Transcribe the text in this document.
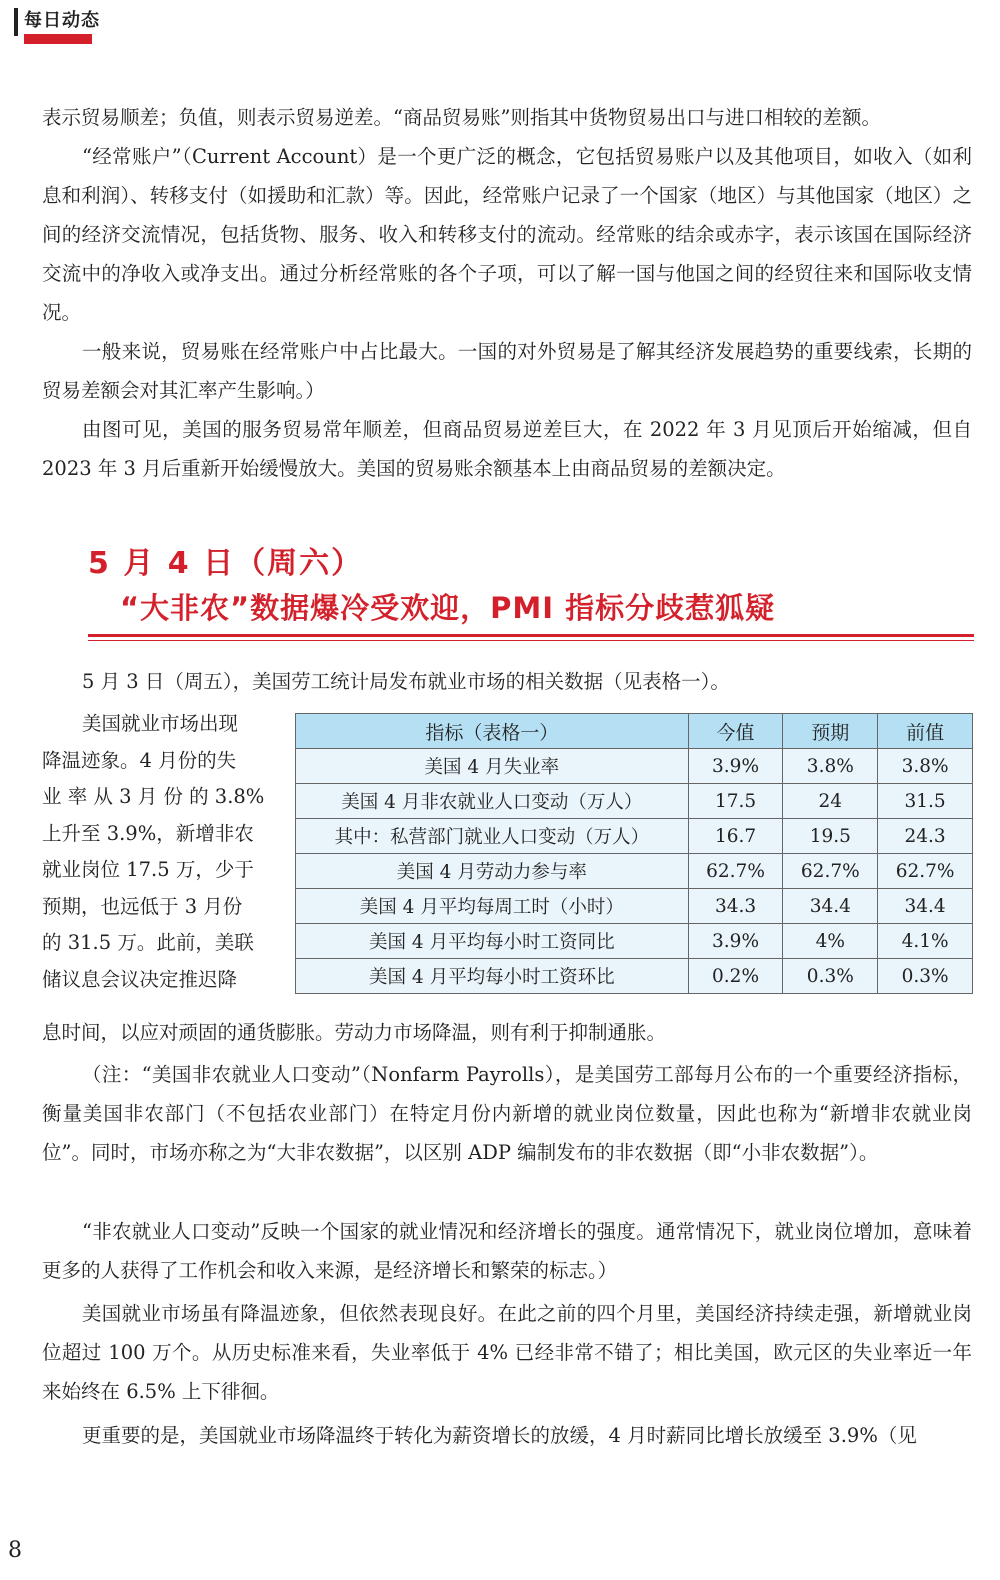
每日动态

表示贸易顺差；负值，则表示贸易逆差。“商品贸易账”则指其中货物贸易出口与进口相较的差额。

“经常账户”（Current Account）是一个更广泛的概念，它包括贸易账户以及其他项目，如收入（如利息和利润）、转移支付（如援助和汇款）等。因此，经常账户记录了一个国家（地区）与其他国家（地区）之间的经济交流情况，包括货物、服务、收入和转移支付的流动。经常账的结余或赤字，表示该国在国际经济交流中的净收入或净支出。通过分析经常账的各个子项，可以了解一国与他国之间的经贸往来和国际收支情况。

一般来说，贸易账在经常账户中占比最大。一国的对外贸易是了解其经济发展趋势的重要线索，长期的贸易差额会对其汇率产生影响。）

由图可见，美国的服务贸易常年顺差，但商品贸易逆差巨大，在 2022 年 3 月见顶后开始缩减，但自 2023 年 3 月后重新开始缓慢放大。美国的贸易账余额基本上由商品贸易的差额决定。

5 月 4 日（周六）
“大非农”数据爆冷受欢迎，PMI 指标分歧惹狐疑

5 月 3 日（周五），美国劳工统计局发布就业市场的相关数据（见表格一）。

美国就业市场出现
降温迹象。4 月份的失
业 率 从 3 月 份 的 3.8%
上升至 3.9%，新增非农
就业岗位 17.5 万，少于
预期，也远低于 3 月份
的 31.5 万。此前，美联
储议息会议决定推迟降
指标（表格一）	今值	预期	前值
美国 4 月失业率	3.9%	3.8%	3.8%
美国 4 月非农就业人口变动（万人）	17.5	24	31.5
其中：私营部门就业人口变动（万人）	16.7	19.5	24.3
美国 4 月劳动力参与率	62.7%	62.7%	62.7%
美国 4 月平均每周工时（小时）	34.3	34.4	34.4
美国 4 月平均每小时工资同比	3.9%	4%	4.1%
美国 4 月平均每小时工资环比	0.2%	0.3%	0.3%

息时间，以应对顽固的通货膨胀。劳动力市场降温，则有利于抑制通胀。

（注：“美国非农就业人口变动”（Nonfarm Payrolls），是美国劳工部每月公布的一个重要经济指标，衡量美国非农部门（不包括农业部门）在特定月份内新增的就业岗位数量，因此也称为“新增非农就业岗位”。同时，市场亦称之为“大非农数据”，以区别 ADP 编制发布的非农数据（即“小非农数据”）。

“非农就业人口变动”反映一个国家的就业情况和经济增长的强度。通常情况下，就业岗位增加，意味着更多的人获得了工作机会和收入来源，是经济增长和繁荣的标志。）

美国就业市场虽有降温迹象，但依然表现良好。在此之前的四个月里，美国经济持续走强，新增就业岗位超过 100 万个。从历史标准来看，失业率低于 4% 已经非常不错了；相比美国，欧元区的失业率近一年来始终在 6.5% 上下徘徊。

更重要的是，美国就业市场降温终于转化为薪资增长的放缓，4 月时薪同比增长放缓至 3.9%（见

8
